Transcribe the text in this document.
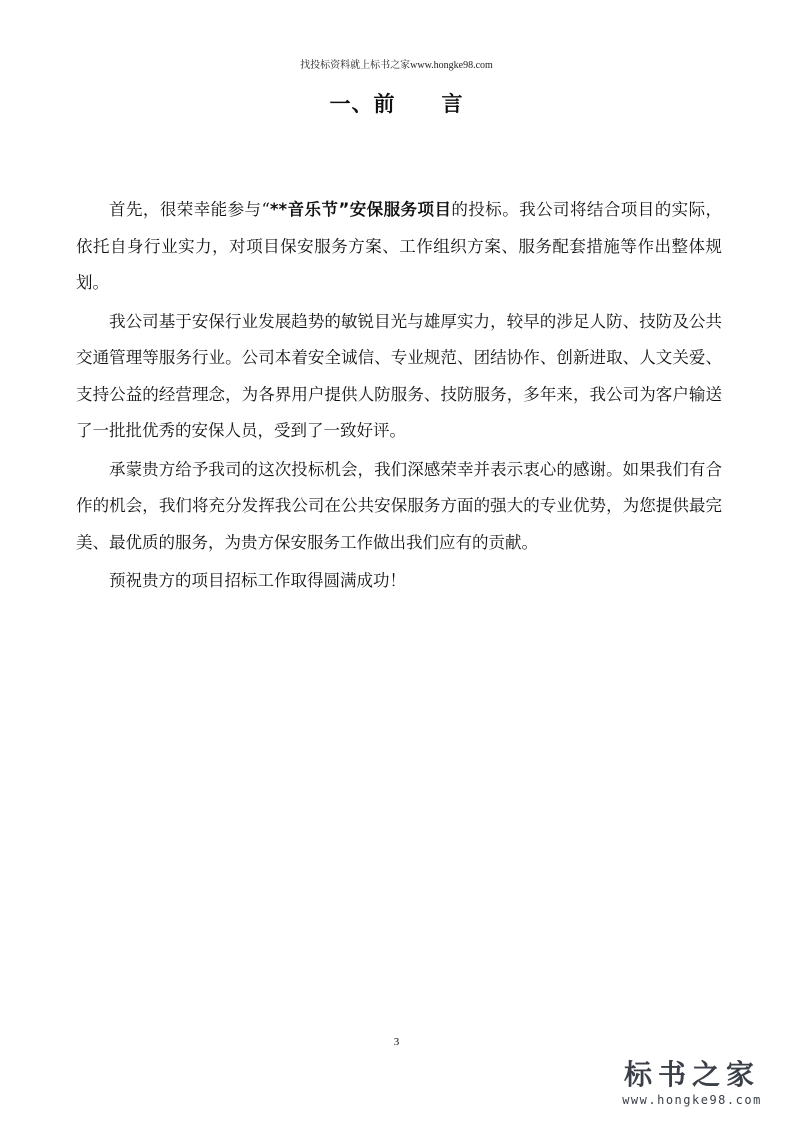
找投标资料就上标书之家www.hongke98.com
一、前 言

首先，很荣幸能参与“**音乐节”安保服务项目的投标。我公司将结合项目的实际，依托自身行业实力，对项目保安服务方案、工作组织方案、服务配套措施等作出整体规划。

我公司基于安保行业发展趋势的敏锐目光与雄厚实力，较早的涉足人防、技防及公共交通管理等服务行业。公司本着安全诚信、专业规范、团结协作、创新进取、人文关爱、支持公益的经营理念，为各界用户提供人防服务、技防服务，多年来，我公司为客户输送了一批批优秀的安保人员，受到了一致好评。

承蒙贵方给予我司的这次投标机会，我们深感荣幸并表示衷心的感谢。如果我们有合作的机会，我们将充分发挥我公司在公共安保服务方面的强大的专业优势，为您提供最完美、最优质的服务，为贵方保安服务工作做出我们应有的贡献。

预祝贵方的项目招标工作取得圆满成功！

3
标书之家
www.hongke98.com
